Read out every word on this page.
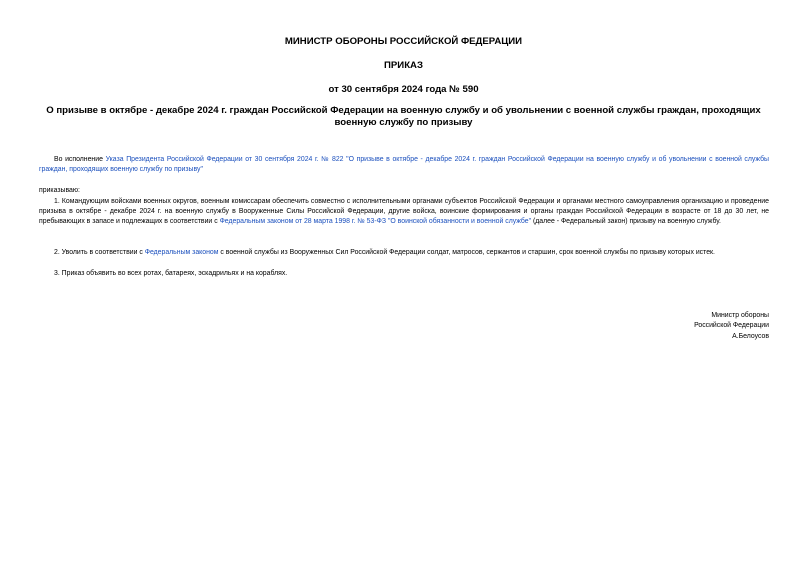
МИНИСТР ОБОРОНЫ РОССИЙСКОЙ ФЕДЕРАЦИИ
ПРИКАЗ
от 30 сентября 2024 года № 590
О призыве в октябре - декабре 2024 г. граждан Российской Федерации на военную службу и об увольнении с военной службы граждан, проходящих военную службу по призыву
Во исполнение Указа Президента Российской Федерации от 30 сентября 2024 г. № 822 "О призыве в октябре - декабре 2024 г. граждан Российской Федерации на военную службу и об увольнении с военной службы граждан, проходящих военную службу по призыву"
приказываю:
1. Командующим войсками военных округов, военным комиссарам обеспечить совместно с исполнительными органами субъектов Российской Федерации и органами местного самоуправления организацию и проведение призыва в октябре - декабре 2024 г. на военную службу в Вооруженные Силы Российской Федерации, другие войска, воинские формирования и органы граждан Российской Федерации в возрасте от 18 до 30 лет, не пребывающих в запасе и подлежащих в соответствии с Федеральным законом от 28 марта 1998 г. № 53-ФЗ "О воинской обязанности и военной службе" (далее - Федеральный закон) призыву на военную службу.
2. Уволить в соответствии с Федеральным законом с военной службы из Вооруженных Сил Российской Федерации солдат, матросов, сержантов и старшин, срок военной службы по призыву которых истек.
3. Приказ объявить во всех ротах, батареях, эскадрильях и на кораблях.
Министр обороны
Российской Федерации
А.Белоусов
